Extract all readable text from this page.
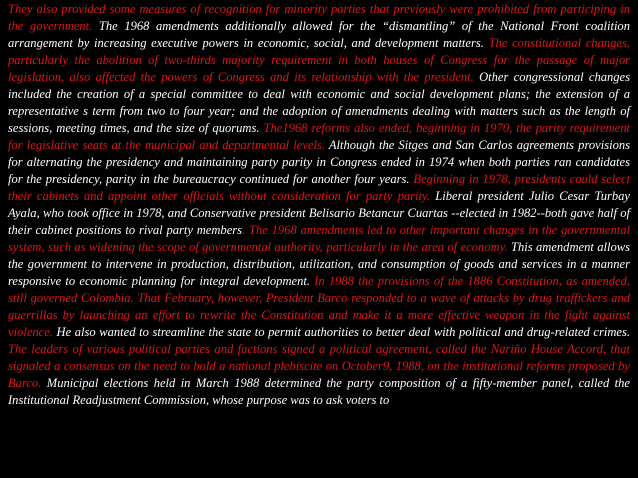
They also provided some measures of recognition for minority parties that previously were prohibited from participing in the government. The 1968 amendments additionally allowed for the “dismantling” of the National Front coalition arrangement by increasing executive powers in economic, social, and development matters. The constitutional changes, particularly the abolition of two-thirds majority requirement in both houses of Congress for the passage of major legislation, also affected the powers of Congress and its relationship with the president. Other congressional changes included the creation of a special committee to deal with economic and social development plans; the extension of a representative s term from two to four year; and the adoption of amendments dealing with matters such as the length of sessions, meeting times, and the size of quorums. The1968 reforms also ended, beginning in 1970, the parity requirement for legislative seats at the municipal and departmental levels. Although the Sitges and San Carlos agreements provisions for alternating the presidency and maintaining party parity in Congress ended in 1974 when both parties ran candidates for the presidency, parity in the bureaucracy continued for another four years. Beginning in 1978, presidents could select their cabinets and appoint other officials without consideration for party parity. Liberal president Julio Cesar Turbay Ayala, who took office in 1978, and Conservative president Belisario Betancur Cuartas --elected in 1982--both gave half of their cabinet positions to rival party members. The 1968 amendments led to other important changes in the governmental system, such as widening the scope of governmental authority, particularly in the area of economy. This amendment allows the government to intervene in production, distribution, utilization, and consumption of goods and services in a manner responsive to economic planning for integral development. In 1988 the provisions of the 1886 Constitution, as amended, still governed Colombia. That February, however, President Barco responded to a wave of attacks by drug traffickers and guerrillas by launching an effort to rewrite the Constitution and make it a more effective weapon in the fight against violence. He also wanted to streamline the state to permit authorities to better deal with political and drug-related crimes. The leaders of various political parties and factions signed a political agreement, called the Nariño House Accord, that signaled a consensus on the need to hold a national plebiscite on October9, 1988, on the institutional reforms proposed by Barco. Municipal elections held in March 1988 determined the party composition of a fifty-member panel, called the Institutional Readjustment Commission, whose purpose was to ask voters to
